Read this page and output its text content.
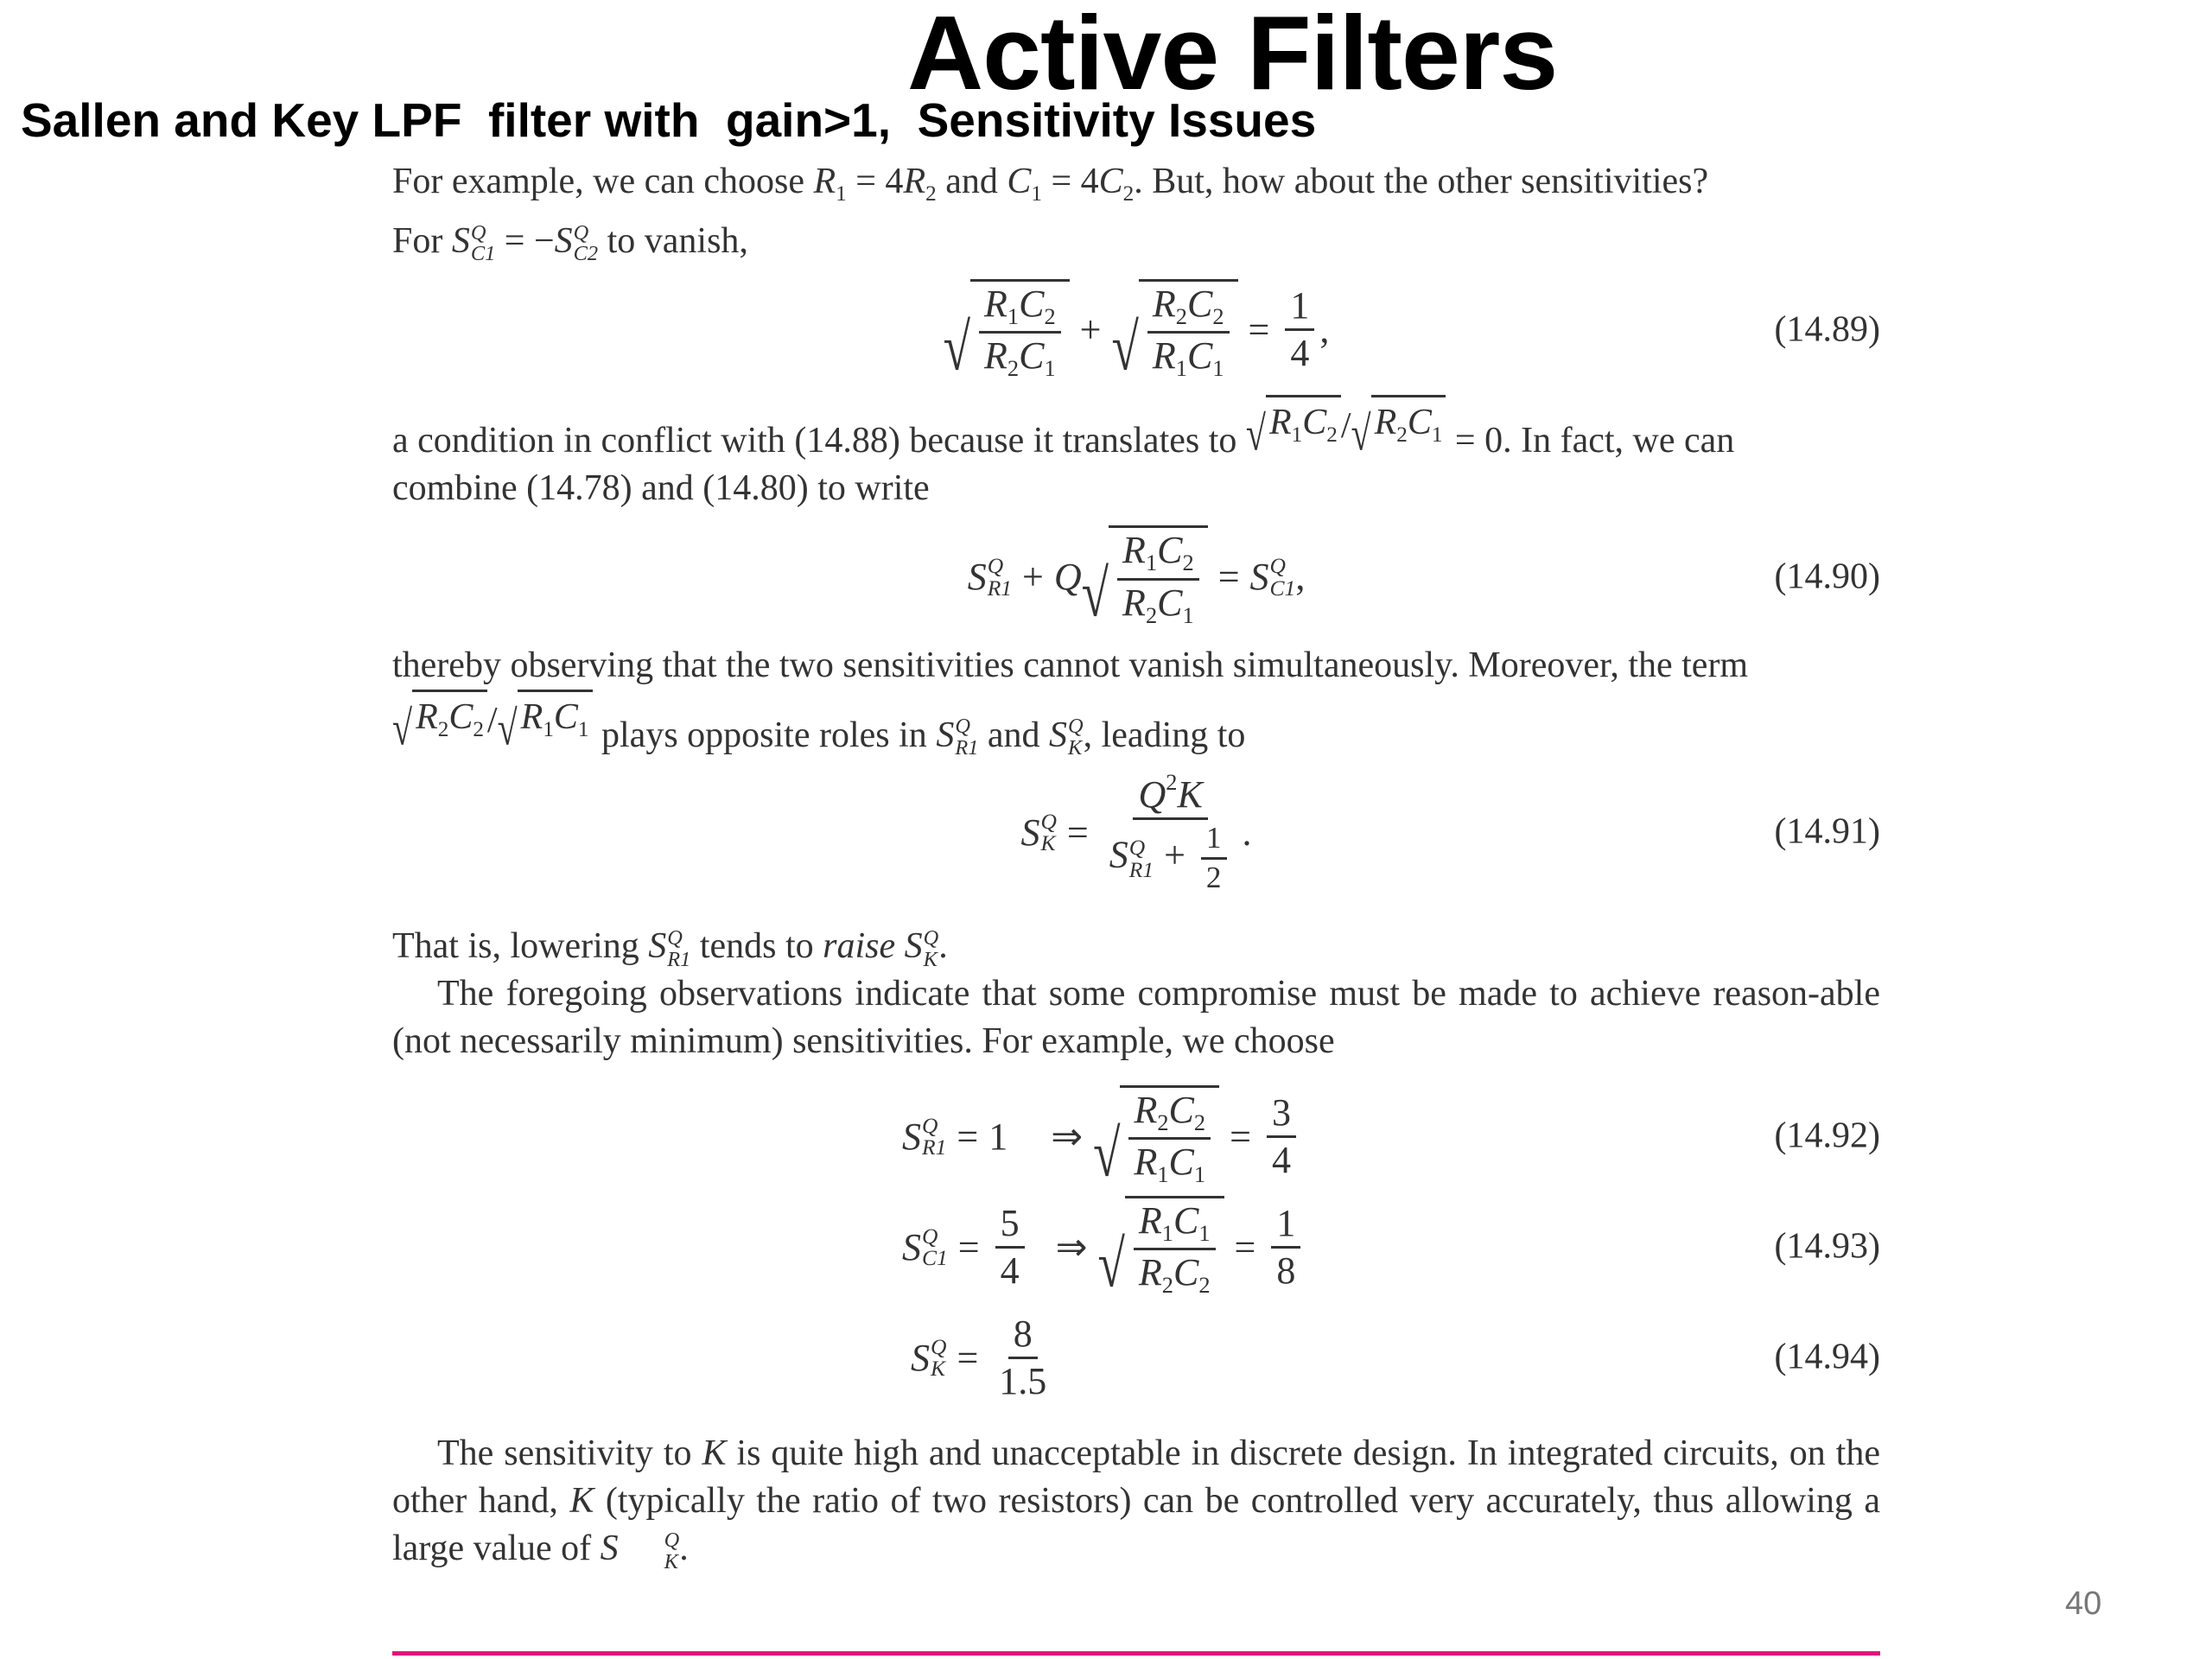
Active Filters
Sallen and Key LPF  filter with  gain>1,  Sensitivity Issues

For example, we can choose $R_1 = 4R_2$ and $C_1 = 4C_2$. But, how about the other sensitivities?
For S Q
C1 = −S Q
C2 to vanish,

√ $\frac{R_1C_2}{R_2C_1}$ + √ $\frac{R_2C_2}{R_1C_1} = \frac{1}{4}$ ,	(14.89)

a condition in conflict with (14.88) because it translates to √ $R_1C_2$ / √ $R_2C_1 = 0$. In fact, we can
combine (14.78) and (14.80) to write

S Q
R1 + Q √ $\frac{R_1C_2}{R_2C_1} = S$ Q
C1 ,	(14.90)

thereby observing that the two sensitivities cannot vanish simultaneously. Moreover, the term

√ $R_2C_2$ / √ $R_1C_1$ plays opposite roles in S Q
R1 and S Q
K , leading to

S Q
$K = Q^2K$
S Q
$R1 + \frac{1}{2}$ .	(14.91)

That is, lowering S Q
R1 tends to raise S Q
K .

The foregoing observations indicate that some compromise must be made to achieve reason-able (not necessarily minimum) sensitivities. For example, we choose

S Q
R1 = 1 ⇒ √ $\frac{R_2C_2}{R_1C_1} = \frac{3}{4}$	(14.92)
S Q
$C1 = \frac{5}{4}$ ⇒ √ $\frac{R_1C_1}{R_2C_2} = \frac{1}{8}$	(14.93)
S Q
$K = \frac{8}{1.5}$	(14.94)

The sensitivity to K is quite high and unacceptable in discrete design. In integrated circuits, on the other hand, K (typically the ratio of two resistors) can be controlled very accurately, thus allowing a large value of S	Q
K .

40
